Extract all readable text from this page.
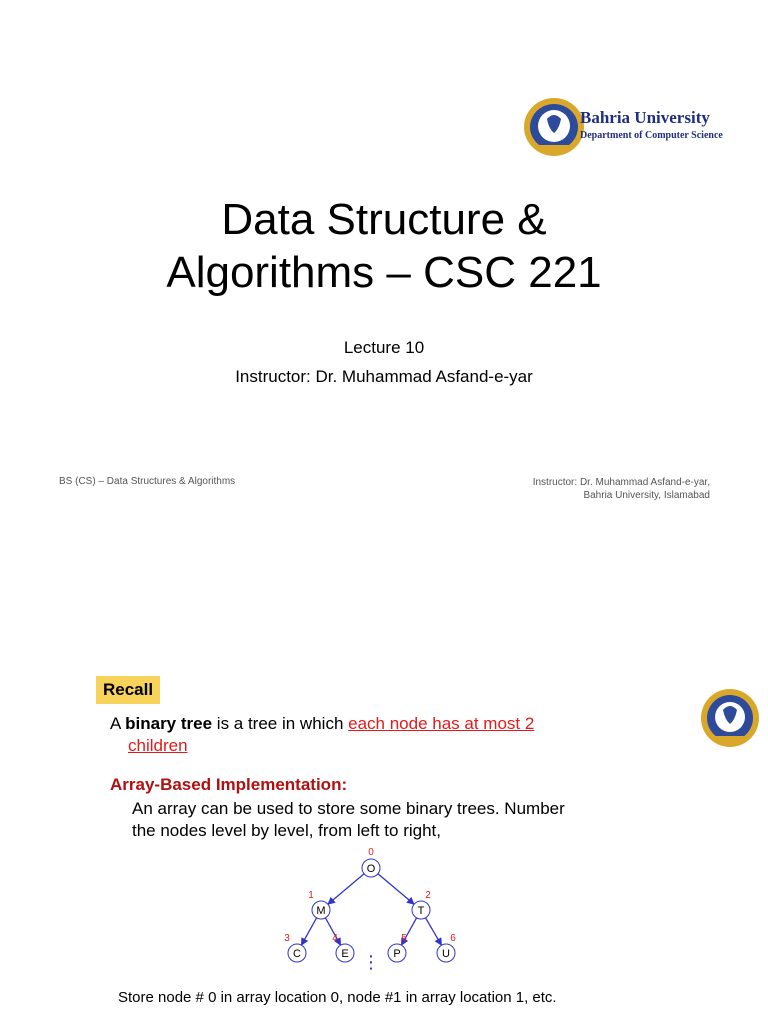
Bahria University
Department of Computer Science
Data Structure &
Algorithms – CSC 221
Lecture 10
Instructor: Dr. Muhammad Asfand-e-yar
BS (CS) – Data Structures & Algorithms	Instructor: Dr. Muhammad Asfand-e-yar,
Bahria University, Islamabad
Recall
A binary tree is a tree in which each node has at most 2
children
Array-Based Implementation:
An array can be used to store some binary trees. Number
the nodes level by level, from left to right,
O
0
M
1
T
2
C
3
E
4
P
5
U
6
⋮
Store node # 0 in array location 0, node #1 in array location 1, etc.
